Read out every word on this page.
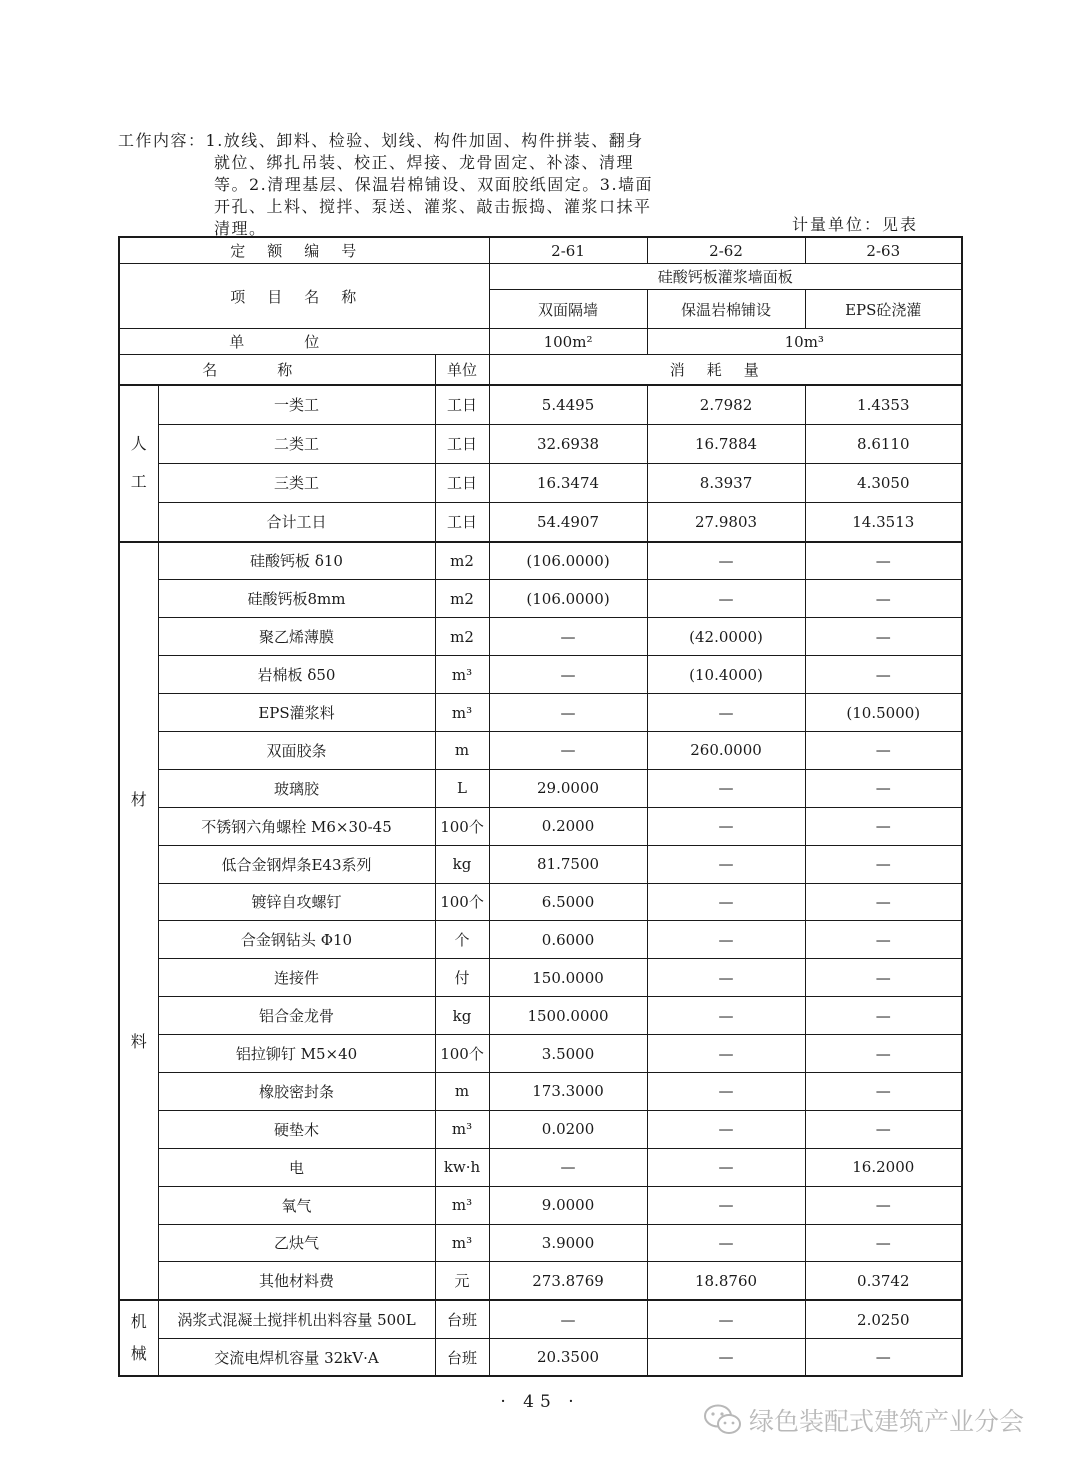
工作内容：1.放线、卸料、检验、划线、构件加固、构件拼装、翻身
就位、绑扎吊装、校正、焊接、龙骨固定、补漆、清理
等。2.清理基层、保温岩棉铺设、双面胶纸固定。3.墙面
开孔、上料、搅拌、泵送、灌浆、敲击振捣、灌浆口抹平
清理。	计量单位：见表
定额编号			2-61	2-62	2-63
项目名称			硅酸钙板灌浆墙面板		
			双面隔墙	保温岩棉铺设	EPS砼浇灌
单位			100m²	10m³	
名称		单位	消耗量		

人
工	一类工	工日	5.4495	2.7982	1.4353
	二类工	工日	32.6938	16.7884	8.6110
	三类工	工日	16.3474	8.3937	4.3050
	合计工日	工日	54.4907	27.9803	14.3513

材
料	硅酸钙板 δ10	m2	(106.0000)	—	—
	硅酸钙板8mm	m2	(106.0000)	—	—
	聚乙烯薄膜	m2	—	(42.0000)	—
	岩棉板 δ50	m³	—	(10.4000)	—
	EPS灌浆料	m³	—	—	(10.5000)
	双面胶条	m	—	260.0000	—
	玻璃胶	L	29.0000	—	—
	不锈钢六角螺栓 M6×30-45	100个	0.2000	—	—
	低合金钢焊条E43系列	kg	81.7500	—	—
	镀锌自攻螺钉	100个	6.5000	—	—
	合金钢钻头 Φ10	个	0.6000	—	—
	连接件	付	150.0000	—	—
	铝合金龙骨	kg	1500.0000	—	—
	铝拉铆钉 M5×40	100个	3.5000	—	—
	橡胶密封条	m	173.3000	—	—
	硬垫木	m³	0.0200	—	—
	电	kw·h	—	—	16.2000
	氧气	m³	9.0000	—	—
	乙炔气	m³	3.9000	—	—
	其他材料费	元	273.8769	18.8760	0.3742

机
械	涡浆式混凝土搅拌机出料容量 500L	台班	—	—	2.0250
	交流电焊机容量 32kV·A	台班	20.3500	—	—
· 45 ·
绿色装配式建筑产业分会
